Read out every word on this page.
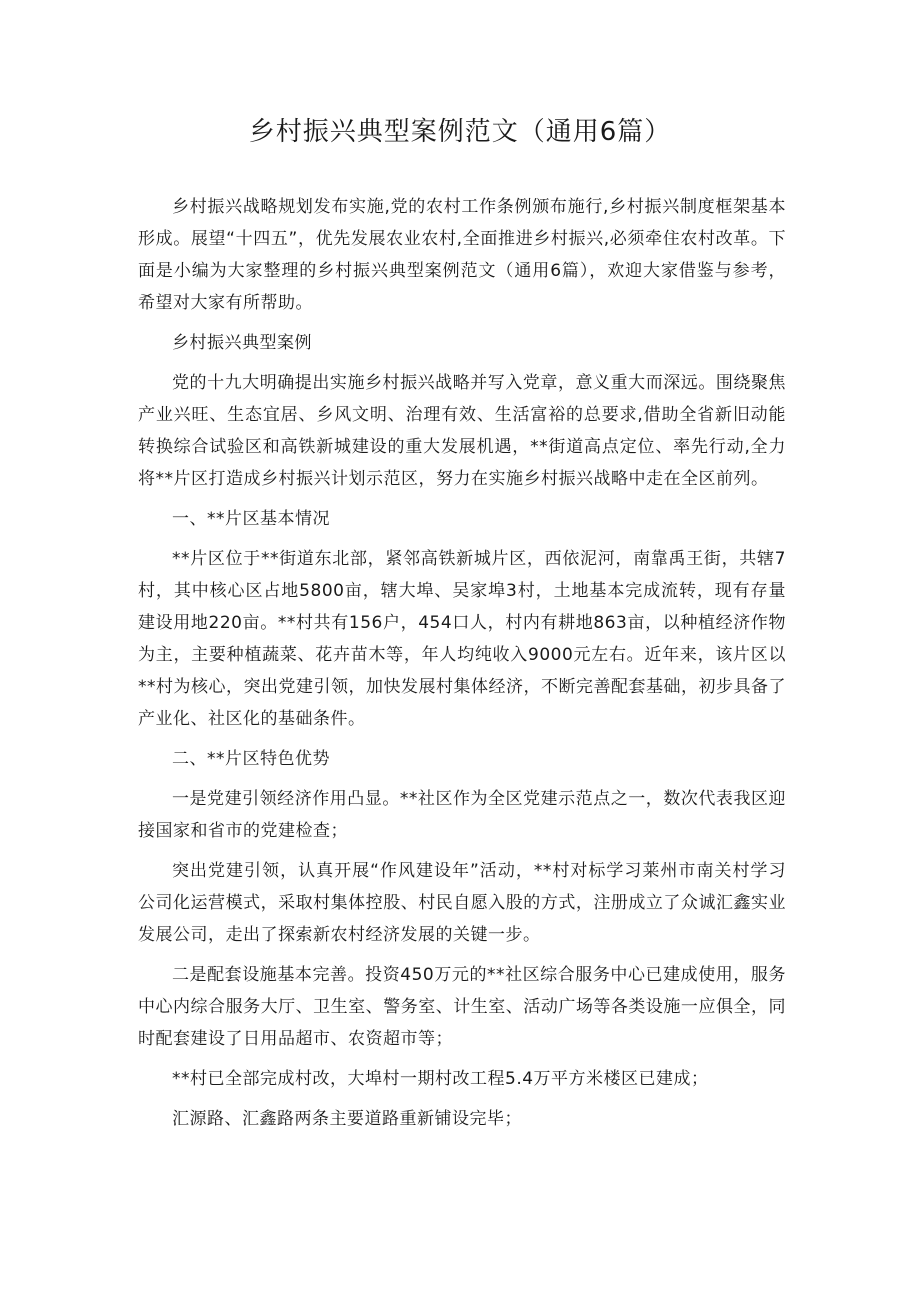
乡村振兴典型案例范文（通用6篇）

乡村振兴战略规划发布实施,党的农村工作条例颁布施行,乡村振兴制度框架基本形成。展望“十四五”，优先发展农业农村,全面推进乡村振兴,必须牵住农村改革。下面是小编为大家整理的乡村振兴典型案例范文（通用6篇），欢迎大家借鉴与参考，希望对大家有所帮助。

乡村振兴典型案例

党的十九大明确提出实施乡村振兴战略并写入党章，意义重大而深远。围绕聚焦产业兴旺、生态宜居、乡风文明、治理有效、生活富裕的总要求,借助全省新旧动能转换综合试验区和高铁新城建设的重大发展机遇，**街道高点定位、率先行动,全力将**片区打造成乡村振兴计划示范区，努力在实施乡村振兴战略中走在全区前列。

一、**片区基本情况

**片区位于**街道东北部，紧邻高铁新城片区，西依泥河，南靠禹王街，共辖7村，其中核心区占地5800亩，辖大埠、吴家埠3村，土地基本完成流转，现有存量建设用地220亩。**村共有156户，454口人，村内有耕地863亩，以种植经济作物为主，主要种植蔬菜、花卉苗木等，年人均纯收入9000元左右。近年来，该片区以**村为核心，突出党建引领，加快发展村集体经济，不断完善配套基础，初步具备了产业化、社区化的基础条件。

二、**片区特色优势

一是党建引领经济作用凸显。**社区作为全区党建示范点之一，数次代表我区迎接国家和省市的党建检查；

突出党建引领，认真开展“作风建设年”活动，**村对标学习莱州市南关村学习公司化运营模式，采取村集体控股、村民自愿入股的方式，注册成立了众诚汇鑫实业发展公司，走出了探索新农村经济发展的关键一步。

二是配套设施基本完善。投资450万元的**社区综合服务中心已建成使用，服务中心内综合服务大厅、卫生室、警务室、计生室、活动广场等各类设施一应俱全，同时配套建设了日用品超市、农资超市等；

**村已全部完成村改，大埠村一期村改工程5.4万平方米楼区已建成；

汇源路、汇鑫路两条主要道路重新铺设完毕；
